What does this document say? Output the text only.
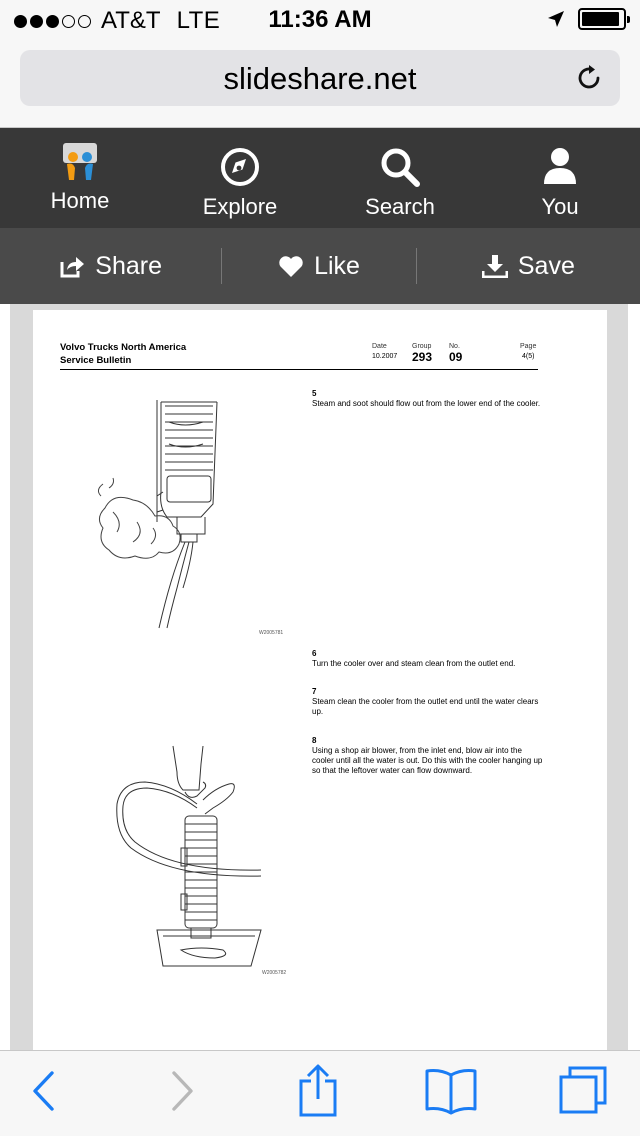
AT&T LTE	11:36 AM
slideshare.net
Home	Explore	Search	You
Share	Like	Save
Volvo Trucks North America
Service Bulletin
Date
10.2007
Group
293
No.
09
Page
4(5)
W2005781
W2005782
5
Steam and soot should flow out from the lower end of the cooler.
6
Turn the cooler over and steam clean from the outlet end.
7
Steam clean the cooler from the outlet end until the water clears up.
8
Using a shop air blower, from the inlet end, blow air into the cooler until all the water is out. Do this with the cooler hanging up so that the leftover water can flow downward.
